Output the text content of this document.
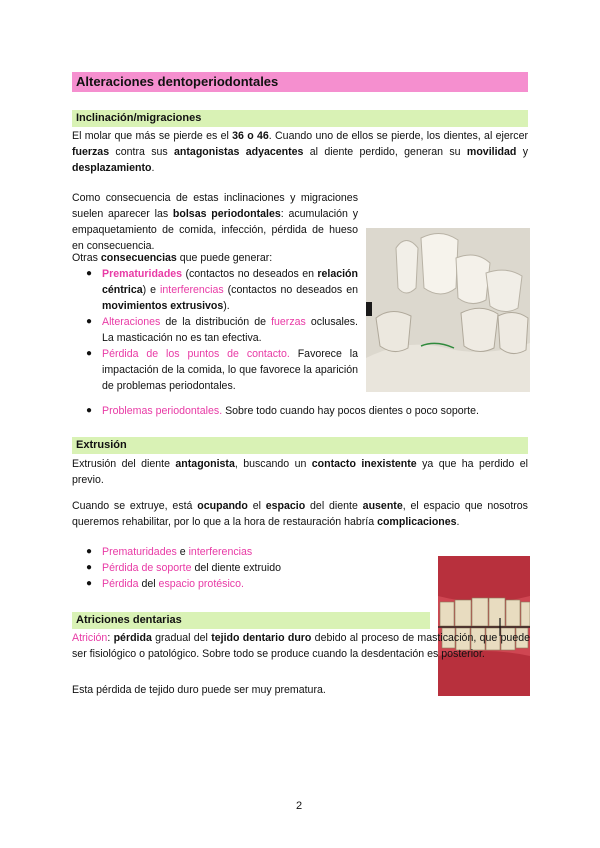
Alteraciones dentoperiodontales
Inclinación/migraciones
El molar que más se pierde es el 36 o 46. Cuando uno de ellos se pierde, los dientes, al ejercer fuerzas contra sus antagonistas adyacentes al diente perdido, generan su movilidad y desplazamiento.
Como consecuencia de estas inclinaciones y migraciones suelen aparecer las bolsas periodontales: acumulación y empaquetamiento de comida, infección, pérdida de hueso en consecuencia.
Otras consecuencias que puede generar:
● Prematuridades (contactos no deseados en relación céntrica) e interferencias (contactos no deseados en movimientos extrusivos).
● Alteraciones de la distribución de fuerzas oclusales. La masticación no es tan efectiva.
● Pérdida de los puntos de contacto. Favorece la impactación de la comida, lo que favorece la aparición de problemas periodontales.
● Problemas periodontales. Sobre todo cuando hay pocos dientes o poco soporte.
Extrusión
Extrusión del diente antagonista, buscando un contacto inexistente ya que ha perdido el previo.
Cuando se extruye, está ocupando el espacio del diente ausente, el espacio que nosotros queremos rehabilitar, por lo que a la hora de restauración habría complicaciones.
● Prematuridades e interferencias
● Pérdida de soporte del diente extruido
● Pérdida del espacio protésico.
Atriciones dentarias
Atrición: pérdida gradual del tejido dentario duro debido al proceso de masticación, que puede ser fisiológico o patológico. Sobre todo se produce cuando la desdentación es posterior.
Esta pérdida de tejido duro puede ser muy prematura.
2
